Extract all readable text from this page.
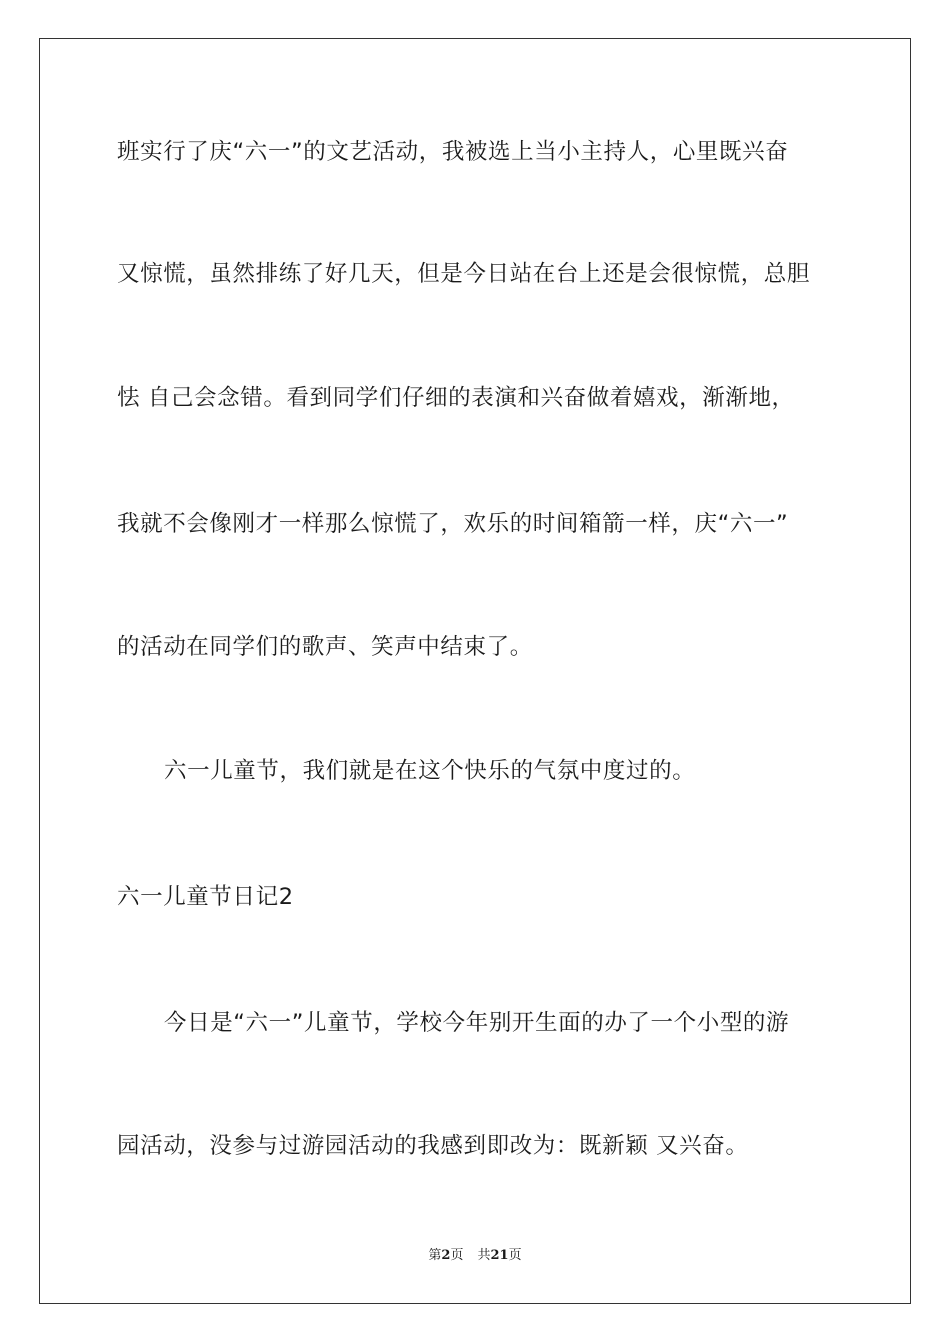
班实行了庆“六一”的文艺活动，我被选上当小主持人，心里既兴奋
又惊慌，虽然排练了好几天，但是今日站在台上还是会很惊慌，总胆
怯 自己会念错。看到同学们仔细的表演和兴奋做着嬉戏，渐渐地，
我就不会像刚才一样那么惊慌了，欢乐的时间箱箭一样，庆“六一”
的活动在同学们的歌声、笑声中结束了。
六一儿童节，我们就是在这个快乐的气氛中度过的。
六一儿童节日记2
今日是“六一”儿童节，学校今年别开生面的办了一个小型的游
园活动，没参与过游园活动的我感到即改为：既新颖 又兴奋。
第2页 共21页
